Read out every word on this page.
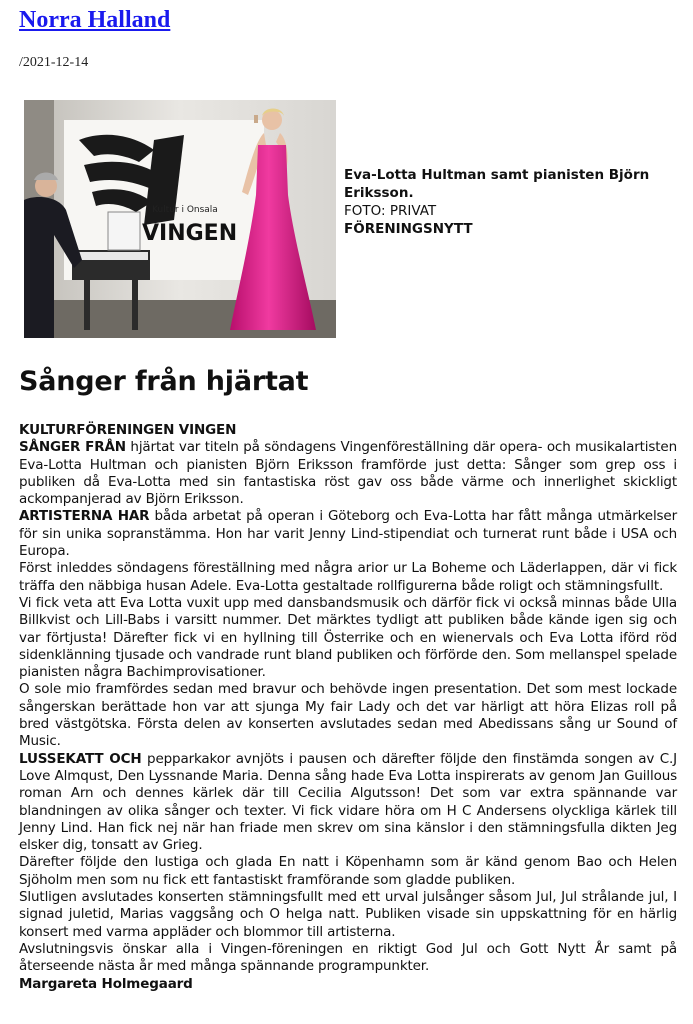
Norra Halland
/2021-12-14
Kultur i Onsala
VINGEN
Eva-Lotta Hultman samt pianisten Björn Eriksson.
FOTO: PRIVAT
FÖRENINGSNYTT
Sånger från hjärtat

KULTURFÖRENINGEN VINGEN

SÅNGER FRÅN hjärtat var titeln på söndagens Vingenföreställning där opera- och musikalartisten Eva-Lotta Hultman och pianisten Björn Eriksson framförde just detta: Sånger som grep oss i publiken då Eva-Lotta med sin fantastiska röst gav oss både värme och innerlighet skickligt ackompanjerad av Björn Eriksson.

ARTISTERNA HAR båda arbetat på operan i Göteborg och Eva-Lotta har fått många utmärkelser för sin unika sopranstämma. Hon har varit Jenny Lind-stipendiat och turnerat runt både i USA och Europa.

Först inleddes söndagens föreställning med några arior ur La Boheme och Läderlappen, där vi fick träffa den näbbiga husan Adele. Eva-Lotta gestaltade rollfigurerna både roligt och stämningsfullt.

Vi fick veta att Eva Lotta vuxit upp med dansbandsmusik och därför fick vi också minnas både Ulla Billkvist och Lill-Babs i varsitt nummer. Det märktes tydligt att publiken både kände igen sig och var förtjusta! Därefter fick vi en hyllning till Österrike och en wienervals och Eva Lotta iförd röd sidenklänning tjusade och vandrade runt bland publiken och förförde den. Som mellanspel spelade pianisten några Bachimprovisationer.

O sole mio framfördes sedan med bravur och behövde ingen presentation. Det som mest lockade sångerskan berättade hon var att sjunga My fair Lady och det var härligt att höra Elizas roll på bred västgötska. Första delen av konserten avslutades sedan med Abedissans sång ur Sound of Music.

LUSSEKATT OCH pepparkakor avnjöts i pausen och därefter följde den finstämda songen av C.J Love Almqust, Den Lyssnande Maria. Denna sång hade Eva Lotta inspirerats av genom Jan Guillous roman Arn och dennes kärlek där till Cecilia Algutsson! Det som var extra spännande var blandningen av olika sånger och texter. Vi fick vidare höra om H C Andersens olyckliga kärlek till Jenny Lind. Han fick nej när han friade men skrev om sina känslor i den stämningsfulla dikten Jeg elsker dig, tonsatt av Grieg.

Därefter följde den lustiga och glada En natt i Köpenhamn som är känd genom Bao och Helen Sjöholm men som nu fick ett fantastiskt framförande som gladde publiken.

Slutligen avslutades konserten stämningsfullt med ett urval julsånger såsom Jul, Jul strålande jul, I signad juletid, Marias vaggsång och O helga natt. Publiken visade sin uppskattning för en härlig konsert med varma appläder och blommor till artisterna.

Avslutningsvis önskar alla i Vingen-föreningen en riktigt God Jul och Gott Nytt År samt på återseende nästa år med många spännande programpunkter.

Margareta Holmegaard
